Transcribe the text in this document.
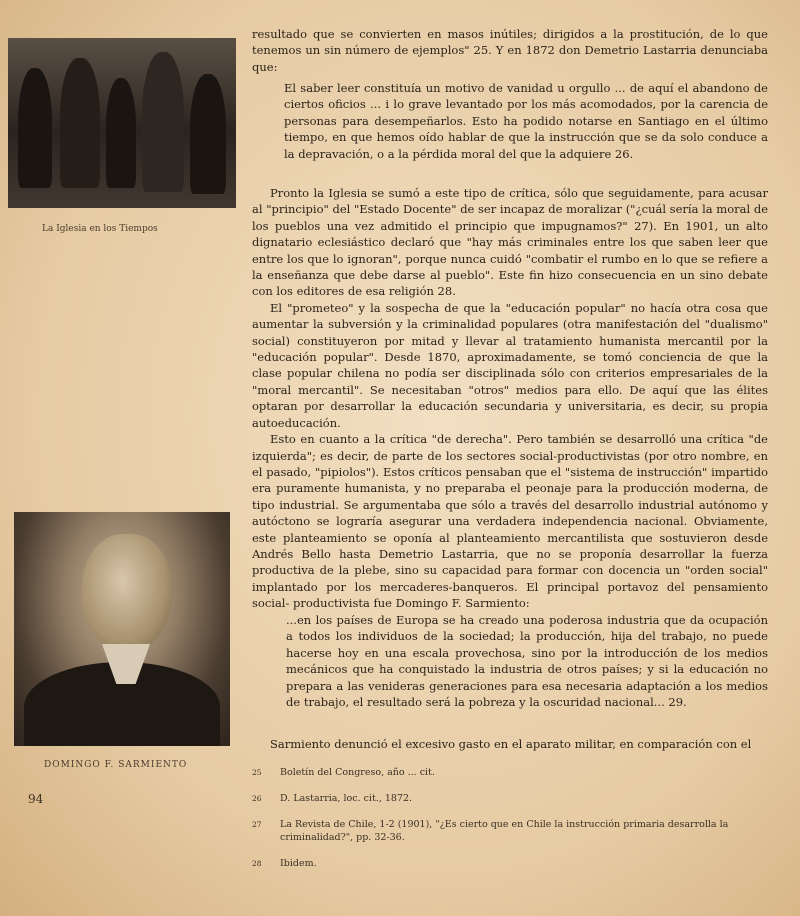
La Iglesia en los Tiempos

resultado que se convierten en masos inútiles; dirigidos a la prostitución, de lo que tenemos un sin número de ejemplos" 25. Y en 1872 don Demetrio Lastarria denunciaba que:

El saber leer constituía un motivo de vanidad u orgullo ... de aquí el abandono de ciertos oficios ... i lo grave levantado por los más acomodados, por la carencia de personas para desempeñarlos. Esto ha podido notarse en Santiago en el último tiempo, en que hemos oído hablar de que la instrucción que se da solo conduce a la depravación, o a la pérdida moral del que la adquiere 26.

Pronto la Iglesia se sumó a este tipo de crítica, sólo que seguidamente, para acusar al "principio" del "Estado Docente" de ser incapaz de moralizar ("¿cuál sería la moral de los pueblos una vez admitido el principio que impugnamos?" 27). En 1901, un alto dignatario eclesiástico declaró que "hay más criminales entre los que saben leer que entre los que lo ignoran", porque nunca cuidó "combatir el rumbo en lo que se refiere a la enseñanza que debe darse al pueblo". Este fin hizo consecuencia en un sino debate con los editores de esa religión 28.

El "prometeo" y la sospecha de que la "educación popular" no hacía otra cosa que aumentar la subversión y la criminalidad populares (otra manifestación del "dualismo" social) constituyeron por mitad y llevar al tratamiento humanista mercantil por la "educación popular". Desde 1870, aproximadamente, se tomó conciencia de que la clase popular chilena no podía ser disciplinada sólo con criterios empresariales de la "moral mercantil". Se necesitaban "otros" medios para ello. De aquí que las élites optaran por desarrollar la educación secundaria y universitaria, es decir, su propia autoeducación.

Esto en cuanto a la crítica "de derecha". Pero también se desarrolló una crítica "de izquierda"; es decir, de parte de los sectores social-productivistas (por otro nombre, en el pasado, "pipiolos"). Estos críticos pensaban que el "sistema de instrucción" impartido era puramente humanista, y no preparaba el peonaje para la producción moderna, de tipo industrial. Se argumentaba que sólo a través del desarrollo industrial autónomo y autóctono se lograría asegurar una verdadera independencia nacional. Obviamente, este planteamiento se oponía al planteamiento mercantilista que sostuvieron desde Andrés Bello hasta Demetrio Lastarria, que no se proponía desarrollar la fuerza productiva de la plebe, sino su capacidad para formar con docencia un "orden social" implantado por los mercaderes-banqueros. El principal portavoz del pensamiento social- productivista fue Domingo F. Sarmiento:

DOMINGO F. SARMIENTO

...en los países de Europa se ha creado una poderosa industria que da ocupación a todos los individuos de la sociedad; la producción, hija del trabajo, no puede hacerse hoy en una escala provechosa, sino por la introducción de los medios mecánicos que ha conquistado la industria de otros países; y si la educación no prepara a las venideras generaciones para esa necesaria adaptación a los medios de trabajo, el resultado será la pobreza y la oscuridad nacional... 29.

Sarmiento denunció el excesivo gasto en el aparato militar, en comparación con el

25	Boletín del Congreso, año ... cit.
26	D. Lastarria, loc. cit., 1872.
27	La Revista de Chile, 1-2 (1901), "¿Es cierto que en Chile la instrucción primaria desarrolla la criminalidad?", pp. 32-36.
28	Ibidem.
94
